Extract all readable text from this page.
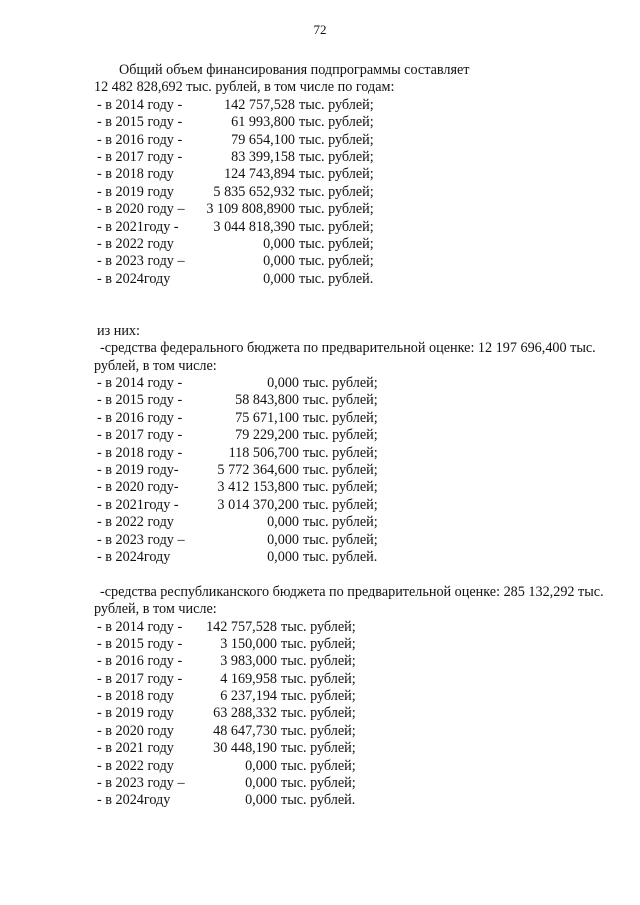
72
Общий объем финансирования подпрограммы составляет
12 482 828,692 тыс. рублей, в том числе по годам:
- в 2014 году -	142 757,528 тыс. рублей;
- в 2015 году -	61 993,800 тыс. рублей;
- в 2016 году -	79 654,100 тыс. рублей;
- в 2017 году -	83 399,158 тыс. рублей;
- в 2018 году	124 743,894 тыс. рублей;
- в 2019 году	5 835 652,932 тыс. рублей;
- в 2020 году –	3 109 808,8900 тыс. рублей;
- в 2021году -	3 044 818,390 тыс. рублей;
- в 2022 году	0,000 тыс. рублей;
- в 2023 году –	0,000 тыс. рублей;
- в 2024году	0,000 тыс. рублей.
из них:
-средства федерального бюджета по предварительной оценке: 12 197 696,400 тыс.
рублей, в том числе:
- в 2014 году -	0,000 тыс. рублей;
- в 2015 году -	58 843,800 тыс. рублей;
- в 2016 году -	75 671,100 тыс. рублей;
- в 2017 году -	79 229,200 тыс. рублей;
- в 2018 году -	118 506,700 тыс. рублей;
- в 2019 году-	5 772 364,600 тыс. рублей;
- в 2020 году-	3 412 153,800 тыс. рублей;
- в 2021году -	3 014 370,200 тыс. рублей;
- в 2022 году	0,000 тыс. рублей;
- в 2023 году –	0,000 тыс. рублей;
- в 2024году	0,000 тыс. рублей.
-средства республиканского бюджета по предварительной оценке: 285 132,292 тыс.
рублей, в том числе:
- в 2014 году -	142 757,528 тыс. рублей;
- в 2015 году -	3 150,000 тыс. рублей;
- в 2016 году -	3 983,000 тыс. рублей;
- в 2017 году -	4 169,958 тыс. рублей;
- в 2018 году	6 237,194 тыс. рублей;
- в 2019 году	63 288,332 тыс. рублей;
- в 2020 году	48 647,730 тыс. рублей;
- в 2021 году	30 448,190 тыс. рублей;
- в 2022 году	0,000 тыс. рублей;
- в 2023 году –	0,000 тыс. рублей;
- в 2024году	0,000 тыс. рублей.
